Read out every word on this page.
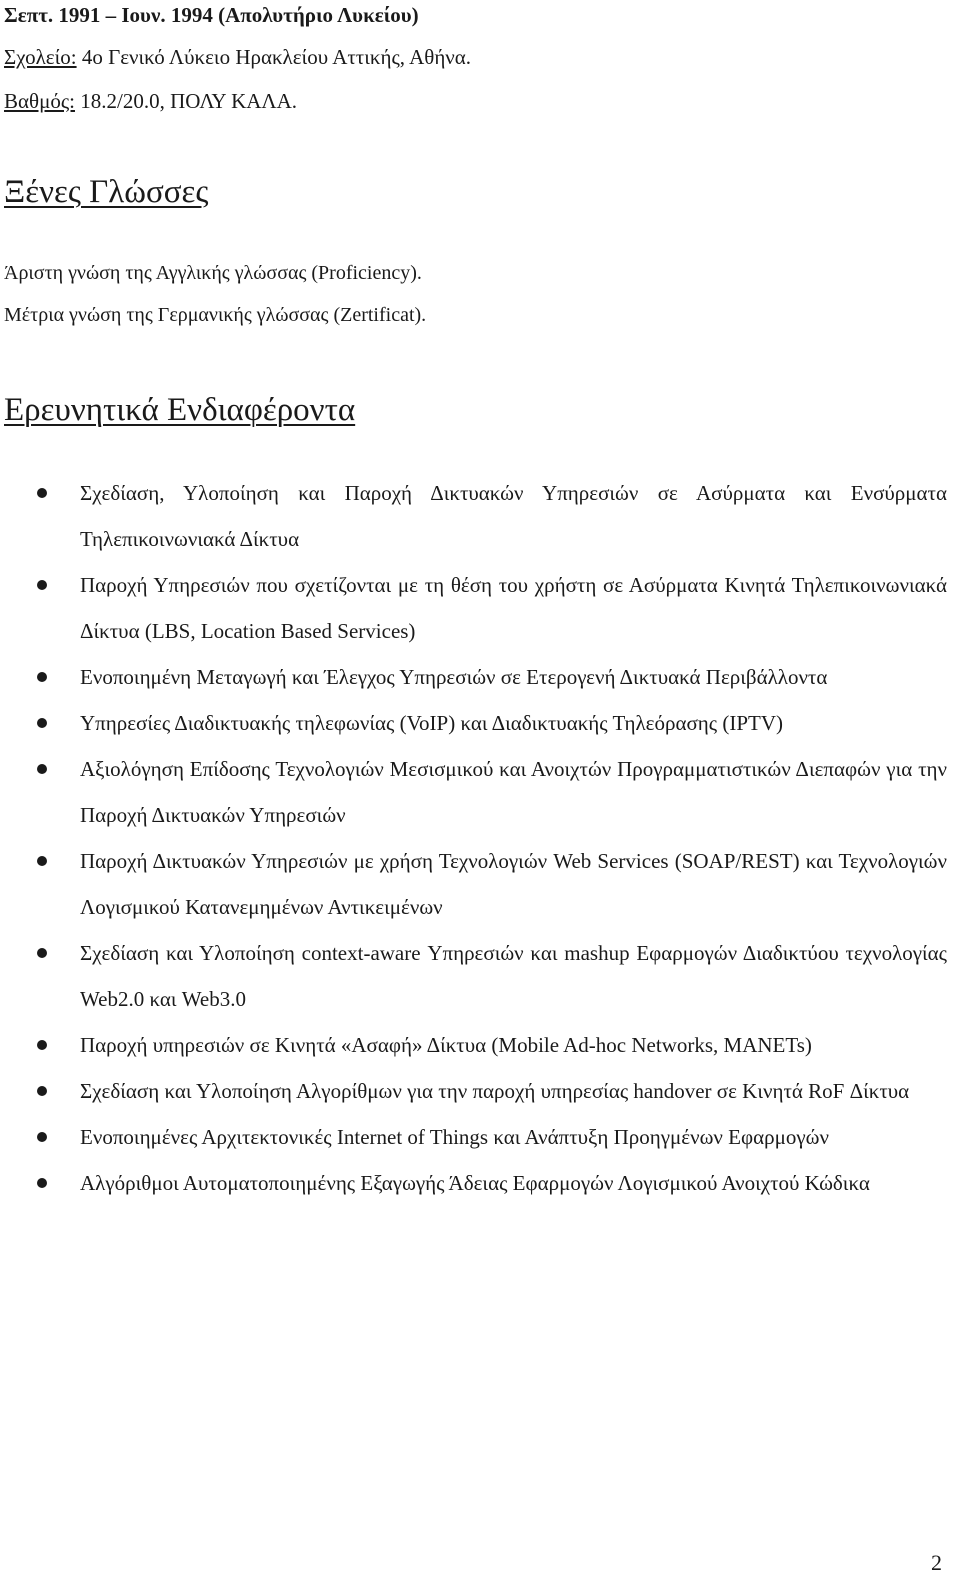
Σεπτ. 1991 – Ιουν. 1994 (Απολυτήριο Λυκείου)
Σχολείο: 4ο Γενικό Λύκειο Ηρακλείου Αττικής, Αθήνα.
Βαθμός: 18.2/20.0, ΠΟΛΥ ΚΑΛΑ.
Ξένες Γλώσσες
Άριστη γνώση της Αγγλικής γλώσσας (Proficiency).
Μέτρια γνώση της Γερμανικής γλώσσας (Zertificat).
Ερευνητικά Ενδιαφέροντα
Σχεδίαση, Υλοποίηση και Παροχή Δικτυακών Υπηρεσιών σε Ασύρματα και Ενσύρματα Τηλεπικοινωνιακά Δίκτυα
Παροχή Υπηρεσιών που σχετίζονται με τη θέση του χρήστη σε Ασύρματα Κινητά Τηλεπικοινωνιακά Δίκτυα (LBS, Location Based Services)
Ενοποιημένη Μεταγωγή και Έλεγχος Υπηρεσιών σε Ετερογενή Δικτυακά Περιβάλλοντα
Υπηρεσίες Διαδικτυακής τηλεφωνίας (VoIP) και Διαδικτυακής Τηλεόρασης (IPTV)
Αξιολόγηση Επίδοσης Τεχνολογιών Μεσισμικού και Ανοιχτών Προγραμματιστικών Διεπαφών για την Παροχή Δικτυακών Υπηρεσιών
Παροχή Δικτυακών Υπηρεσιών με χρήση Τεχνολογιών Web Services (SOAP/REST) και Τεχνολογιών Λογισμικού Κατανεμημένων Αντικειμένων
Σχεδίαση και Υλοποίηση context-aware Υπηρεσιών και mashup Εφαρμογών Διαδικτύου τεχνολογίας Web2.0 και Web3.0
Παροχή υπηρεσιών σε Κινητά «Ασαφή» Δίκτυα (Mobile Ad-hoc Networks, MANETs)
Σχεδίαση και Υλοποίηση Αλγορίθμων για την παροχή υπηρεσίας handover σε Κινητά RoF Δίκτυα
Ενοποιημένες Αρχιτεκτονικές Internet of Things και Ανάπτυξη Προηγμένων Εφαρμογών
Αλγόριθμοι Αυτοματοποιημένης Εξαγωγής Άδειας Εφαρμογών Λογισμικού Ανοιχτού Κώδικα
2
